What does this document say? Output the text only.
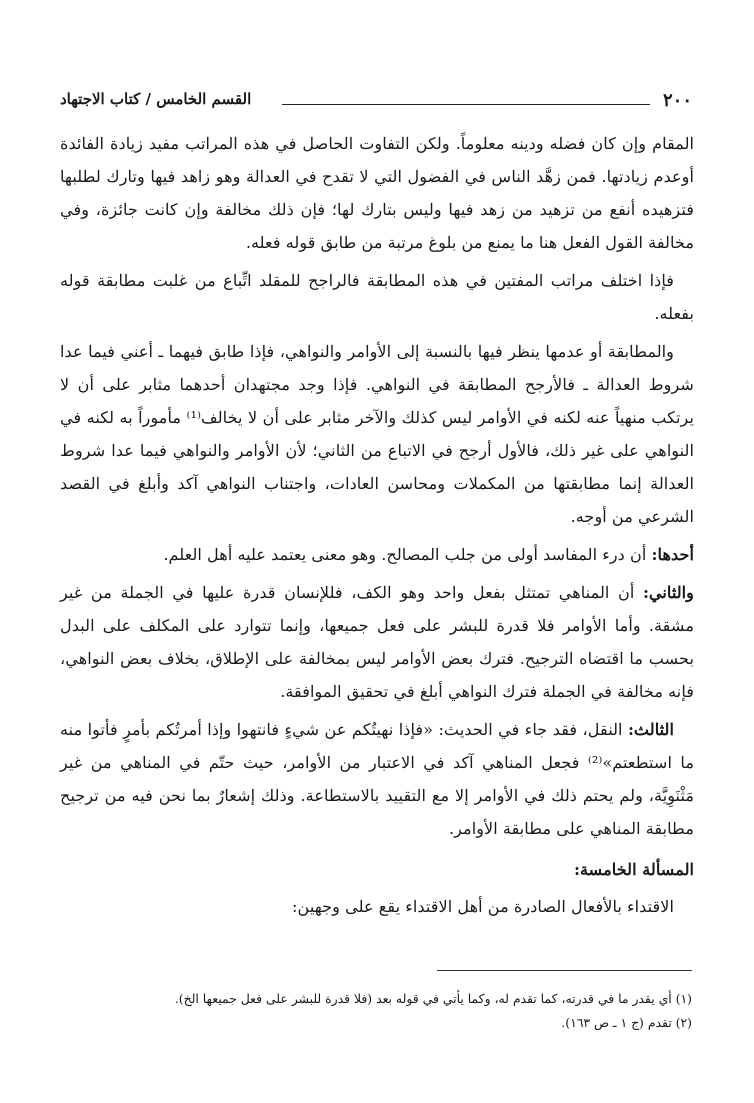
القسم الخامس / كتاب الاجتهاد	٢٠٠

المقام وإن كان فضله ودينه معلوماً. ولكن التفاوت الحاصل في هذه المراتب مفيد زيادة الفائدة أوعدم زيادتها. فمن زهَّد الناس في الفضول التي لا تقدح في العدالة وهو زاهد فيها وتارك لطلبها فتزهيده أنفع من تزهيد من زهد فيها وليس بتارك لها؛ فإن ذلك مخالفة وإن كانت جائزة، وفي مخالفة القول الفعل هنا ما يمنع من بلوغ مرتبة من طابق قوله فعله.

فإذا اختلف مراتب المفتين في هذه المطابقة فالراجح للمقلد اتِّباع من غلبت مطابقة قوله بفعله.

والمطابقة أو عدمها ينظر فيها بالنسبة إلى الأوامر والنواهي، فإذا طابق فيهما ـ أعني فيما عدا شروط العدالة ـ فالأرجح المطابقة في النواهي. فإذا وجد مجتهدان أحدهما مثابر على أن لا يرتكب منهياً عنه لكنه في الأوامر ليس كذلك والآخر مثابر على أن لا يخالف⁽¹⁾ مأموراً به لكنه في النواهي على غير ذلك، فالأول أرجح في الاتباع من الثاني؛ لأن الأوامر والنواهي فيما عدا شروط العدالة إنما مطابقتها من المكملات ومحاسن العادات، واجتناب النواهي آكد وأبلغ في القصد الشرعي من أوجه.

أحدها: أن درء المفاسد أولى من جلب المصالح. وهو معنى يعتمد عليه أهل العلم.

والثاني: أن المناهي تمتثل بفعل واحد وهو الكف، فللإنسان قدرة عليها في الجملة من غير مشقة. وأما الأوامر فلا قدرة للبشر على فعل جميعها، وإنما تتوارد على المكلف على البدل بحسب ما اقتضاه الترجيح. فترك بعض الأوامر ليس بمخالفة على الإطلاق، بخلاف بعض النواهي، فإنه مخالفة في الجملة فترك النواهي أبلغ في تحقيق الموافقة.

الثالث: النقل، فقد جاء في الحديث: «فإذا نهيتُكم عن شيءٍ فانتهوا وإذا أمرتُكم بأمرٍ فأتوا منه ما استطعتم»⁽²⁾ فجعل المناهي آكد في الاعتبار من الأوامر، حيث حتّم في المناهي من غير مَثْنَوِيَّة، ولم يحتم ذلك في الأوامر إلا مع التقييد بالاستطاعة. وذلك إشعارٌ بما نحن فيه من ترجيح مطابقة المناهي على مطابقة الأوامر.

المسألة الخامسة:

الاقتداء بالأفعال الصادرة من أهل الاقتداء يقع على وجهين:

(١) أي يقدر ما في قدرته، كما تقدم له، وكما يأتي في قوله بعد (فلا قدرة للبشر على فعل جميعها الخ).
(٢) تقدم (ج ١ ـ ص ١٦٣).
